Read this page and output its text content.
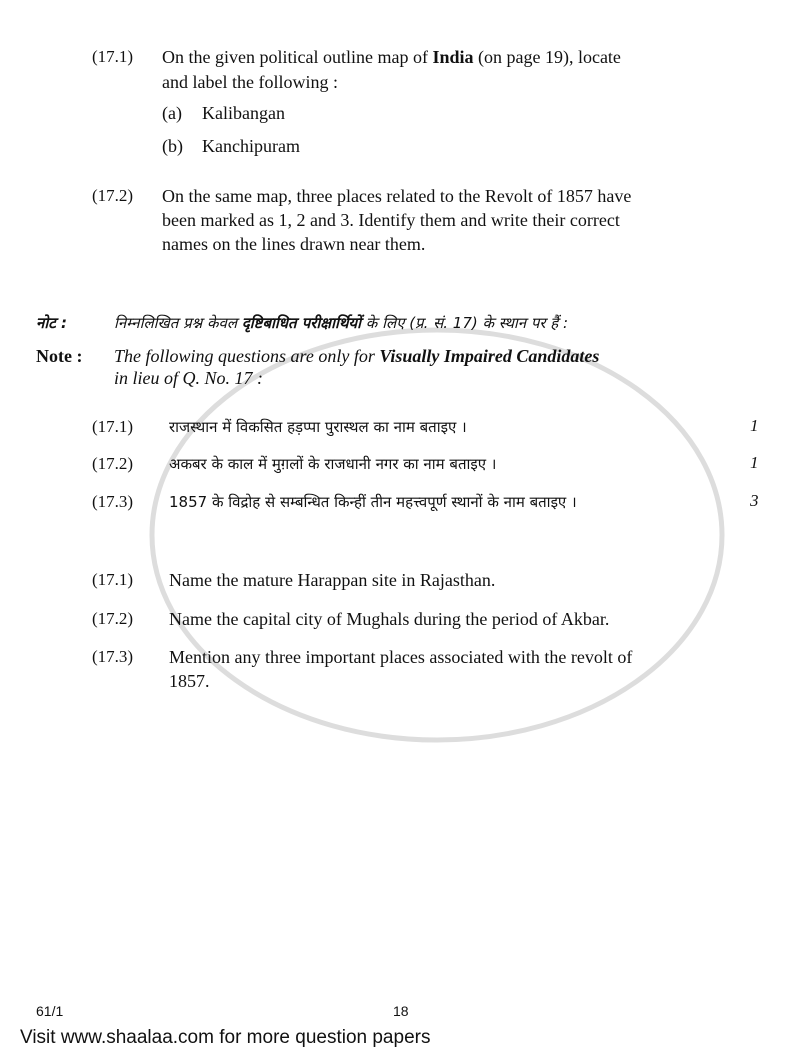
(17.1) On the given political outline map of India (on page 19), locate
and label the following :
(a) Kalibangan
(b) Kanchipuram
(17.2) On the same map, three places related to the Revolt of 1857 have
been marked as 1, 2 and 3. Identify them and write their correct
names on the lines drawn near them.
नोट :	निम्नलिखित प्रश्न केवल दृष्टिबाधित परीक्षार्थियों के लिए (प्र. सं. 17) के स्थान पर हैं :
Note : The following questions are only for Visually Impaired Candidates
in lieu of Q. No. 17 :
(17.1) राजस्थान में विकसित हड़प्पा पुरास्थल का नाम बताइए ।	1
(17.2) अकबर के काल में मुग़लों के राजधानी नगर का नाम बताइए ।	1
(17.3) 1857 के विद्रोह से सम्बन्धित किन्हीं तीन महत्त्वपूर्ण स्थानों के नाम बताइए ।	3
(17.1) Name the mature Harappan site in Rajasthan.
(17.2) Name the capital city of Mughals during the period of Akbar.
(17.3) Mention any three important places associated with the revolt of
1857.
61/1	18
Visit www.shaalaa.com for more question papers
